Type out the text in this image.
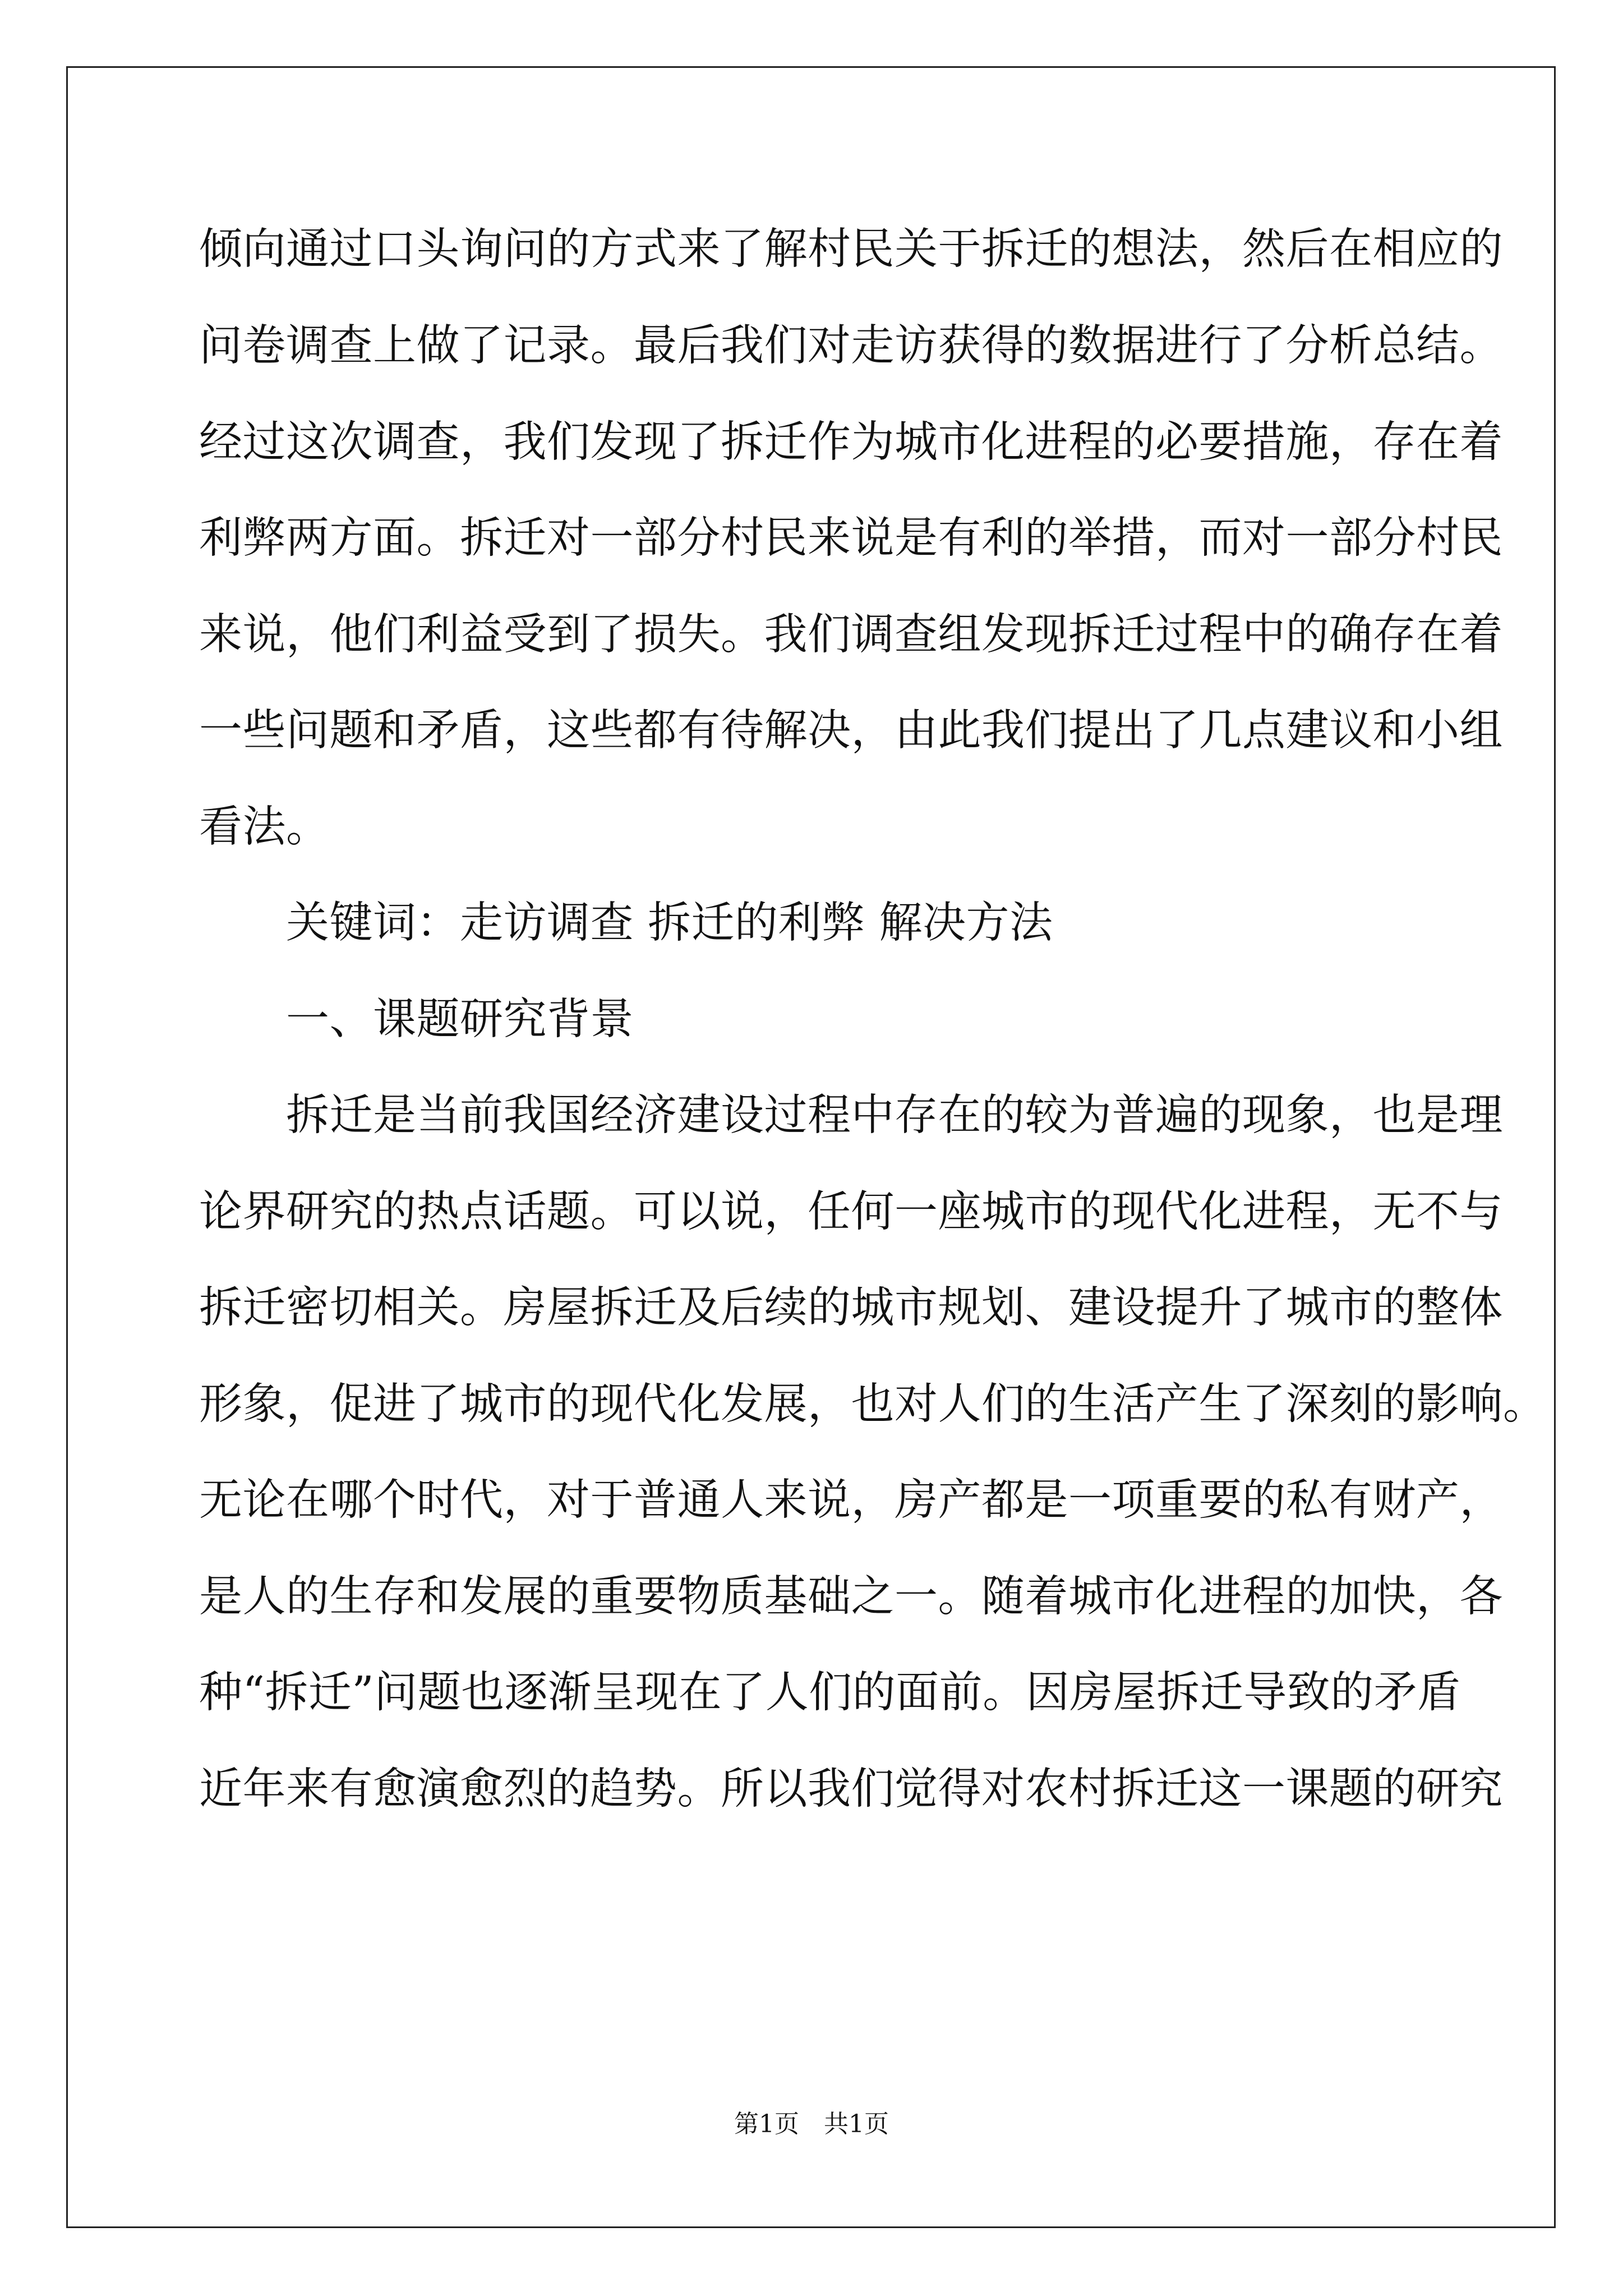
倾向通过口头询问的方式来了解村民关于拆迁的想法，然后在相应的
问卷调查上做了记录。最后我们对走访获得的数据进行了分析总结。
经过这次调查，我们发现了拆迁作为城市化进程的必要措施，存在着
利弊两方面。拆迁对一部分村民来说是有利的举措，而对一部分村民
来说，他们利益受到了损失。我们调查组发现拆迁过程中的确存在着
一些问题和矛盾，这些都有待解决，由此我们提出了几点建议和小组
看法。
　　关键词：走访调查 拆迁的利弊 解决方法
　　一、课题研究背景
　　拆迁是当前我国经济建设过程中存在的较为普遍的现象，也是理
论界研究的热点话题。可以说，任何一座城市的现代化进程，无不与
拆迁密切相关。房屋拆迁及后续的城市规划、建设提升了城市的整体
形象，促进了城市的现代化发展，也对人们的生活产生了深刻的影响。
无论在哪个时代，对于普通人来说，房产都是一项重要的私有财产，
是人的生存和发展的重要物质基础之一。随着城市化进程的加快，各
种“拆迁”问题也逐渐呈现在了人们的面前。因房屋拆迁导致的矛盾
近年来有愈演愈烈的趋势。所以我们觉得对农村拆迁这一课题的研究
第1页　共1页
